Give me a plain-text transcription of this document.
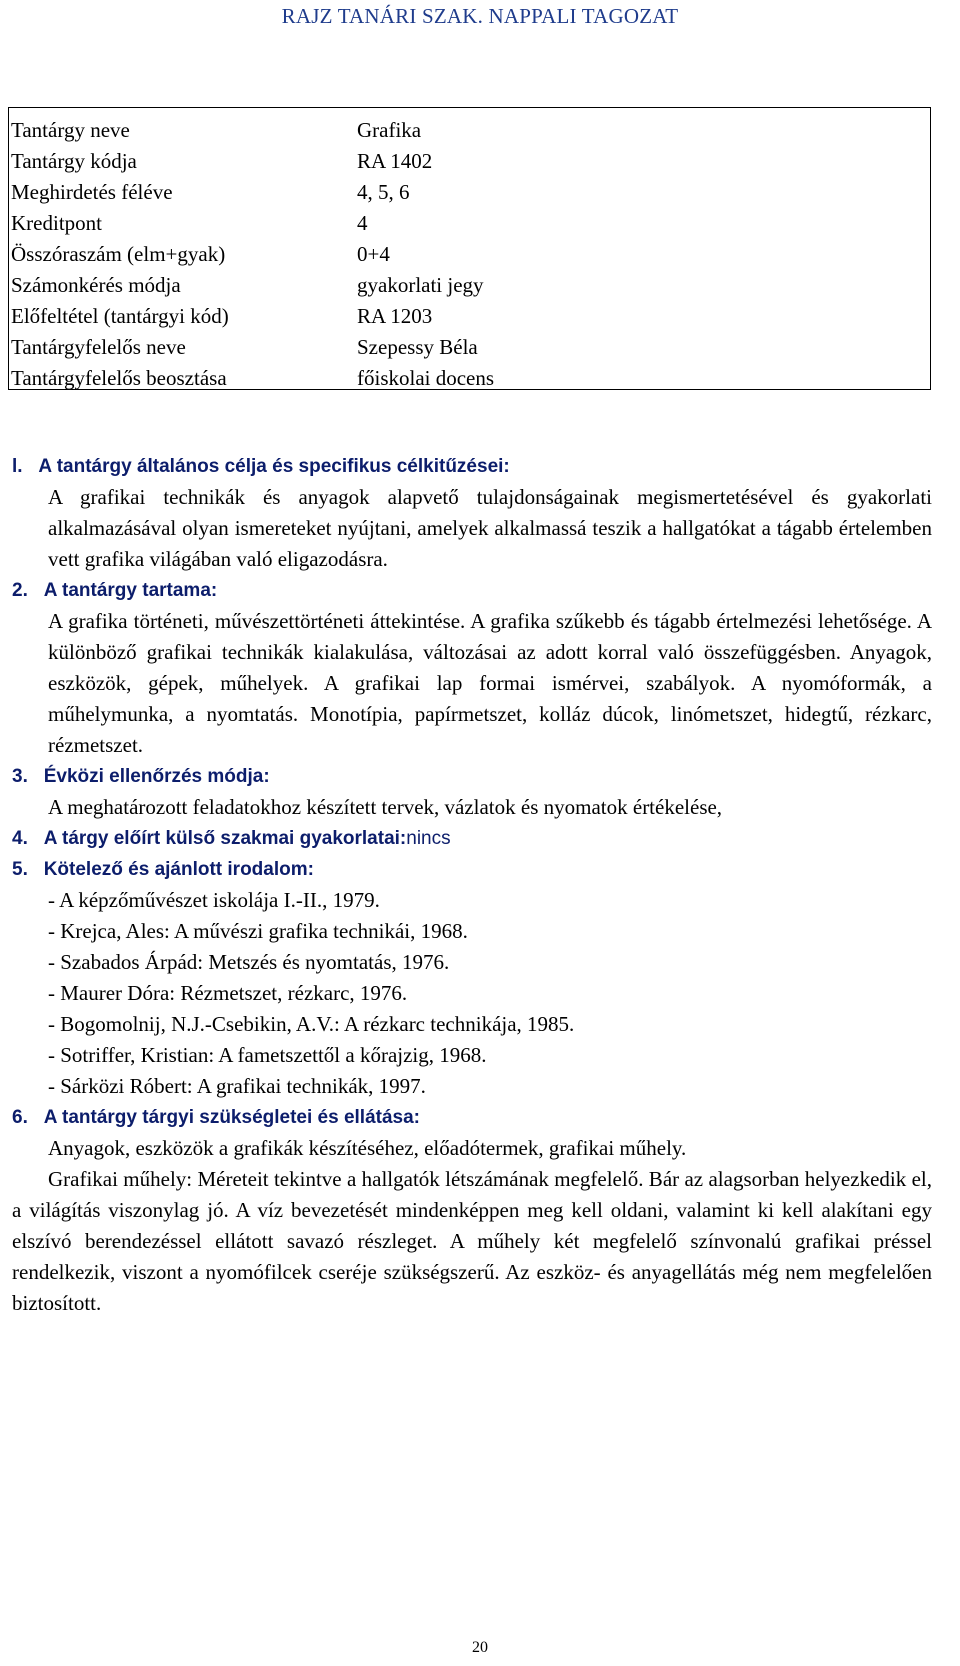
RAJZ TANÁRI SZAK. NAPPALI TAGOZAT
Tantárgy neve	Grafika
Tantárgy kódja	RA 1402
Meghirdetés féléve	4, 5, 6
Kreditpont	4
Összóraszám (elm+gyak)	0+4
Számonkérés módja	gyakorlati jegy
Előfeltétel (tantárgyi kód)	RA 1203
Tantárgyfelelős neve	Szepessy Béla
Tantárgyfelelős beosztása	főiskolai docens
l. A tantárgy általános célja és specifikus célkitűzései:

A grafikai technikák és anyagok alapvető tulajdonságainak megismertetésével és gyakorlati alkalmazásával olyan ismereteket nyújtani, amelyek alkalmassá teszik a hallgatókat a tágabb értelemben vett grafika világában való eligazodásra.

2. A tantárgy tartama:

A grafika történeti, művészettörténeti áttekintése. A grafika szűkebb és tágabb értelmezési lehetősége. A különböző grafikai technikák kialakulása, változásai az adott korral való összefüggésben. Anyagok, eszközök, gépek, műhelyek. A grafikai lap formai ismérvei, szabályok. A nyomóformák, a műhelymunka, a nyomtatás. Monotípia, papírmetszet, kolláz dúcok, linómetszet, hidegtű, rézkarc, rézmetszet.

3. Évközi ellenőrzés módja:

A meghatározott feladatokhoz készített tervek, vázlatok és nyomatok értékelése,

4. A tárgy előírt külső szakmai gyakorlatai:nincs
5. Kötelező és ajánlott irodalom:
- A képzőművészet iskolája I.-II., 1979.
- Krejca, Ales: A művészi grafika technikái, 1968.
- Szabados Árpád: Metszés és nyomtatás, 1976.
- Maurer Dóra: Rézmetszet, rézkarc, 1976.
- Bogomolnij, N.J.-Csebikin, A.V.: A rézkarc technikája, 1985.
- Sotriffer, Kristian: A fametszettől a kőrajzig, 1968.
- Sárközi Róbert: A grafikai technikák, 1997.
6. A tantárgy tárgyi szükségletei és ellátása:

Anyagok, eszközök a grafikák készítéséhez, előadótermek, grafikai műhely.

Grafikai műhely: Méreteit tekintve a hallgatók létszámának megfelelő. Bár az alagsorban helyezkedik el, a világítás viszonylag jó. A víz bevezetését mindenképpen meg kell oldani, valamint ki kell alakítani egy elszívó berendezéssel ellátott savazó részleget. A műhely két megfelelő színvonalú grafikai préssel rendelkezik, viszont a nyomófilcek cseréje szükségszerű. Az eszköz- és anyagellátás még nem megfelelően biztosított.

20
